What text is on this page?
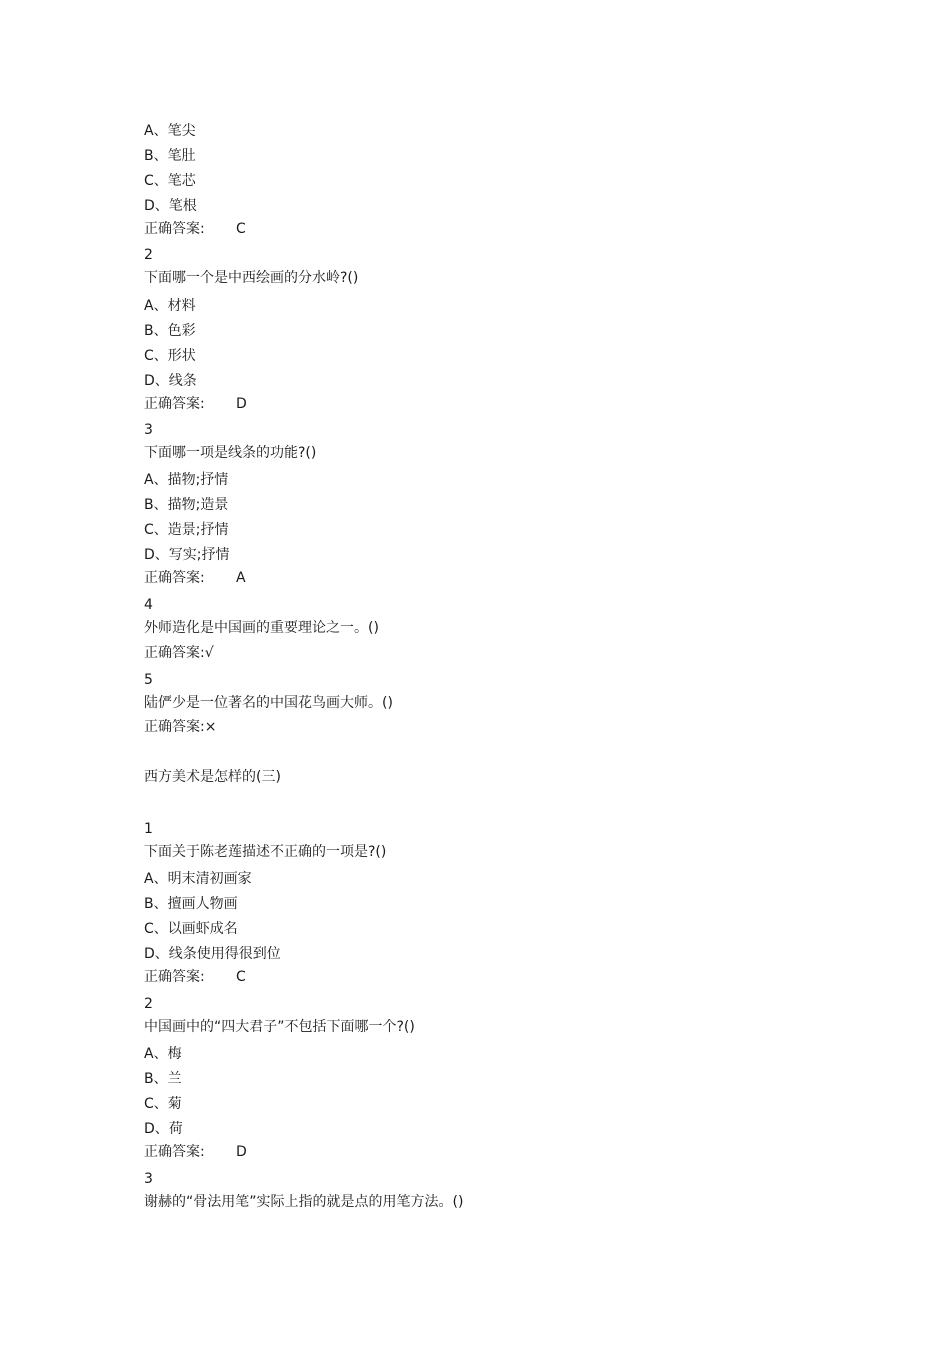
A、笔尖
B、笔肚
C、笔芯
D、笔根
正确答案: C
2
下面哪一个是中西绘画的分水岭?()
A、材料
B、色彩
C、形状
D、线条
正确答案: D
3
下面哪一项是线条的功能?()
A、描物;抒情
B、描物;造景
C、造景;抒情
D、写实;抒情
正确答案: A
4
外师造化是中国画的重要理论之一。()
正确答案:√
5
陆俨少是一位著名的中国花鸟画大师。()
正确答案:×
西方美术是怎样的(三)
1
下面关于陈老莲描述不正确的一项是?()
A、明末清初画家
B、擅画人物画
C、以画虾成名
D、线条使用得很到位
正确答案: C
2
中国画中的“四大君子”不包括下面哪一个?()
A、梅
B、兰
C、菊
D、荷
正确答案: D
3
谢赫的“骨法用笔”实际上指的就是点的用笔方法。()
